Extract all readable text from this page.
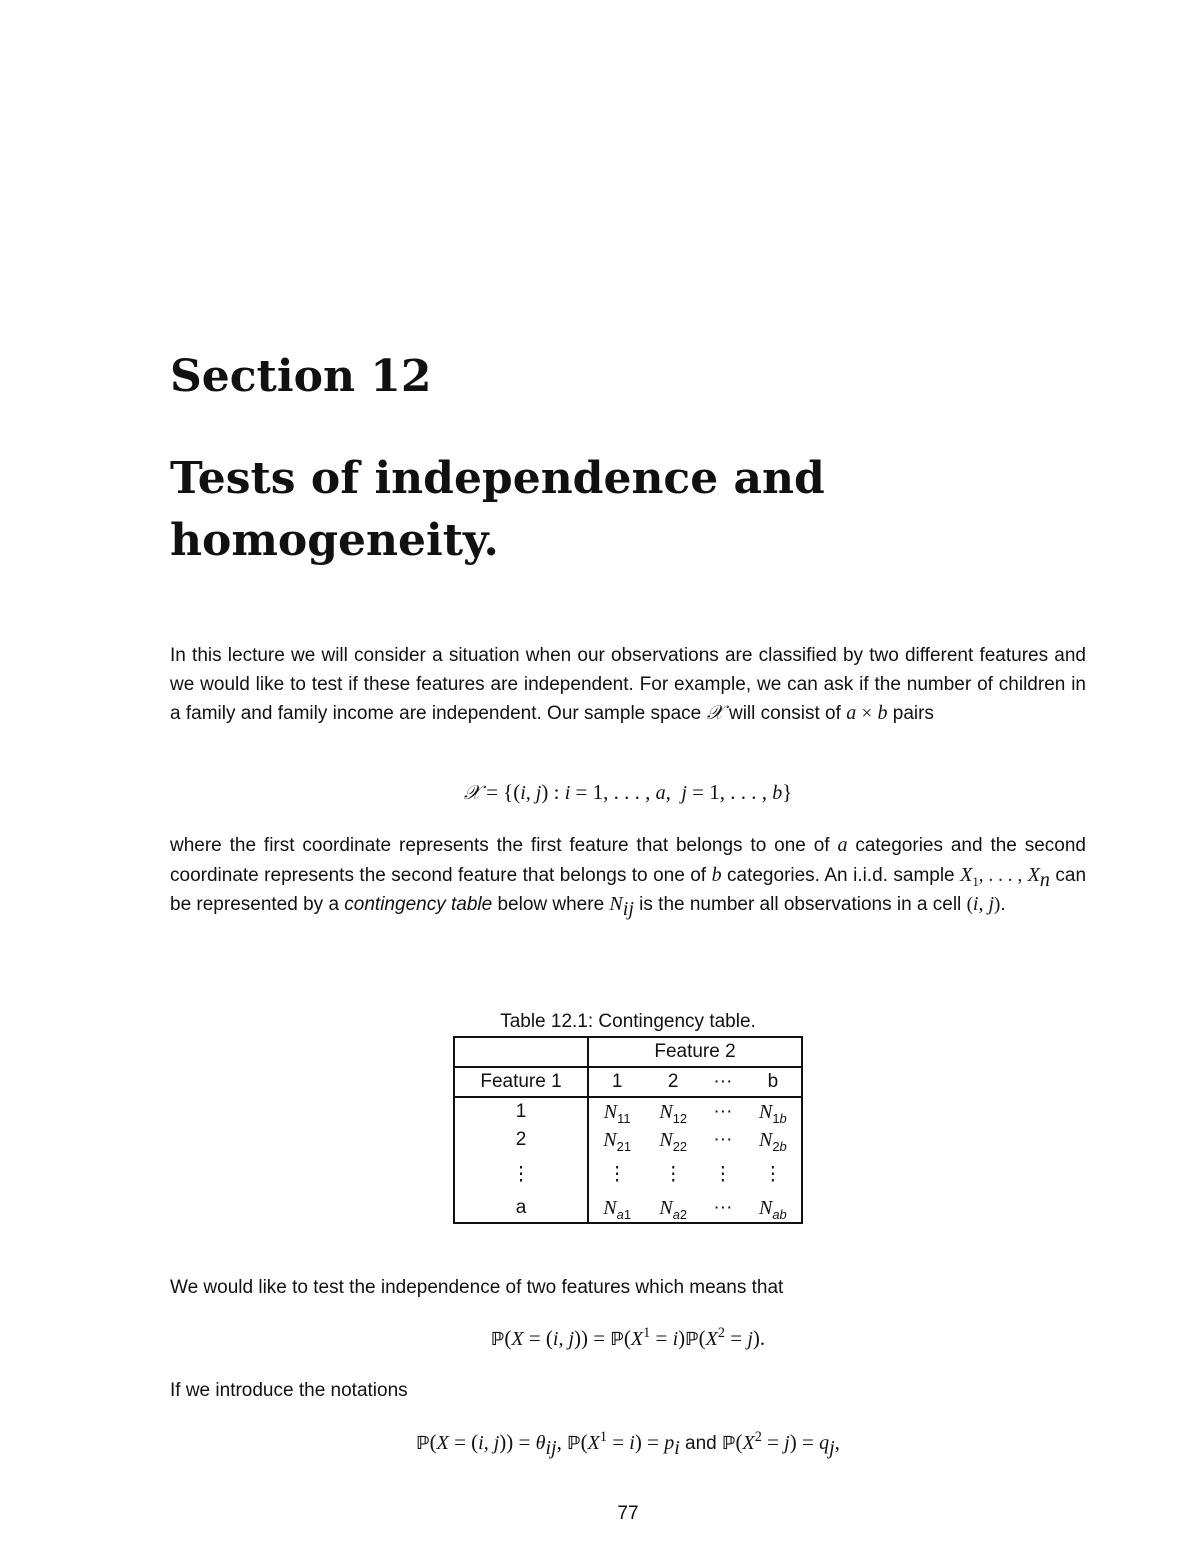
Section 12
Tests of independence and homogeneity.

In this lecture we will consider a situation when our observations are classified by two different features and we would like to test if these features are independent. For example, we can ask if the number of children in a family and family income are independent. Our sample space 𝒳 will consist of a × b pairs

𝒳 = {(i, j) : i = 1, . . . , a,  j = 1, . . . , b}

where the first coordinate represents the first feature that belongs to one of a categories and the second coordinate represents the second feature that belongs to one of b categories. An i.i.d. sample $X_1$, . . . , $X_n$ can be represented by a contingency table below where $N_{ij}$ is the number all observations in a cell (i, j).

Table 12.1: Contingency table.
	Feature 2			
Feature 1	1	2	···	b
1	$N_{11}$	$N_{12}$	···	$N_{1b}$
2	$N_{21}$	$N_{22}$	···	$N_{2b}$
⋮	⋮	⋮	⋮	⋮
a	$N_{a1}$	$N_{a2}$	···	$N_{ab}$

We would like to test the independence of two features which means that

ℙ(X = (i, $j)) = ℙ(X^1$ = $i)ℙ(X^2 = j)$.

If we introduce the notations

ℙ(X = (i, $j)) = \theta_{ij}$, $ℙ(X^1 = i) = p_i$ and $ℙ(X^2 = j) = q_j$,
77
